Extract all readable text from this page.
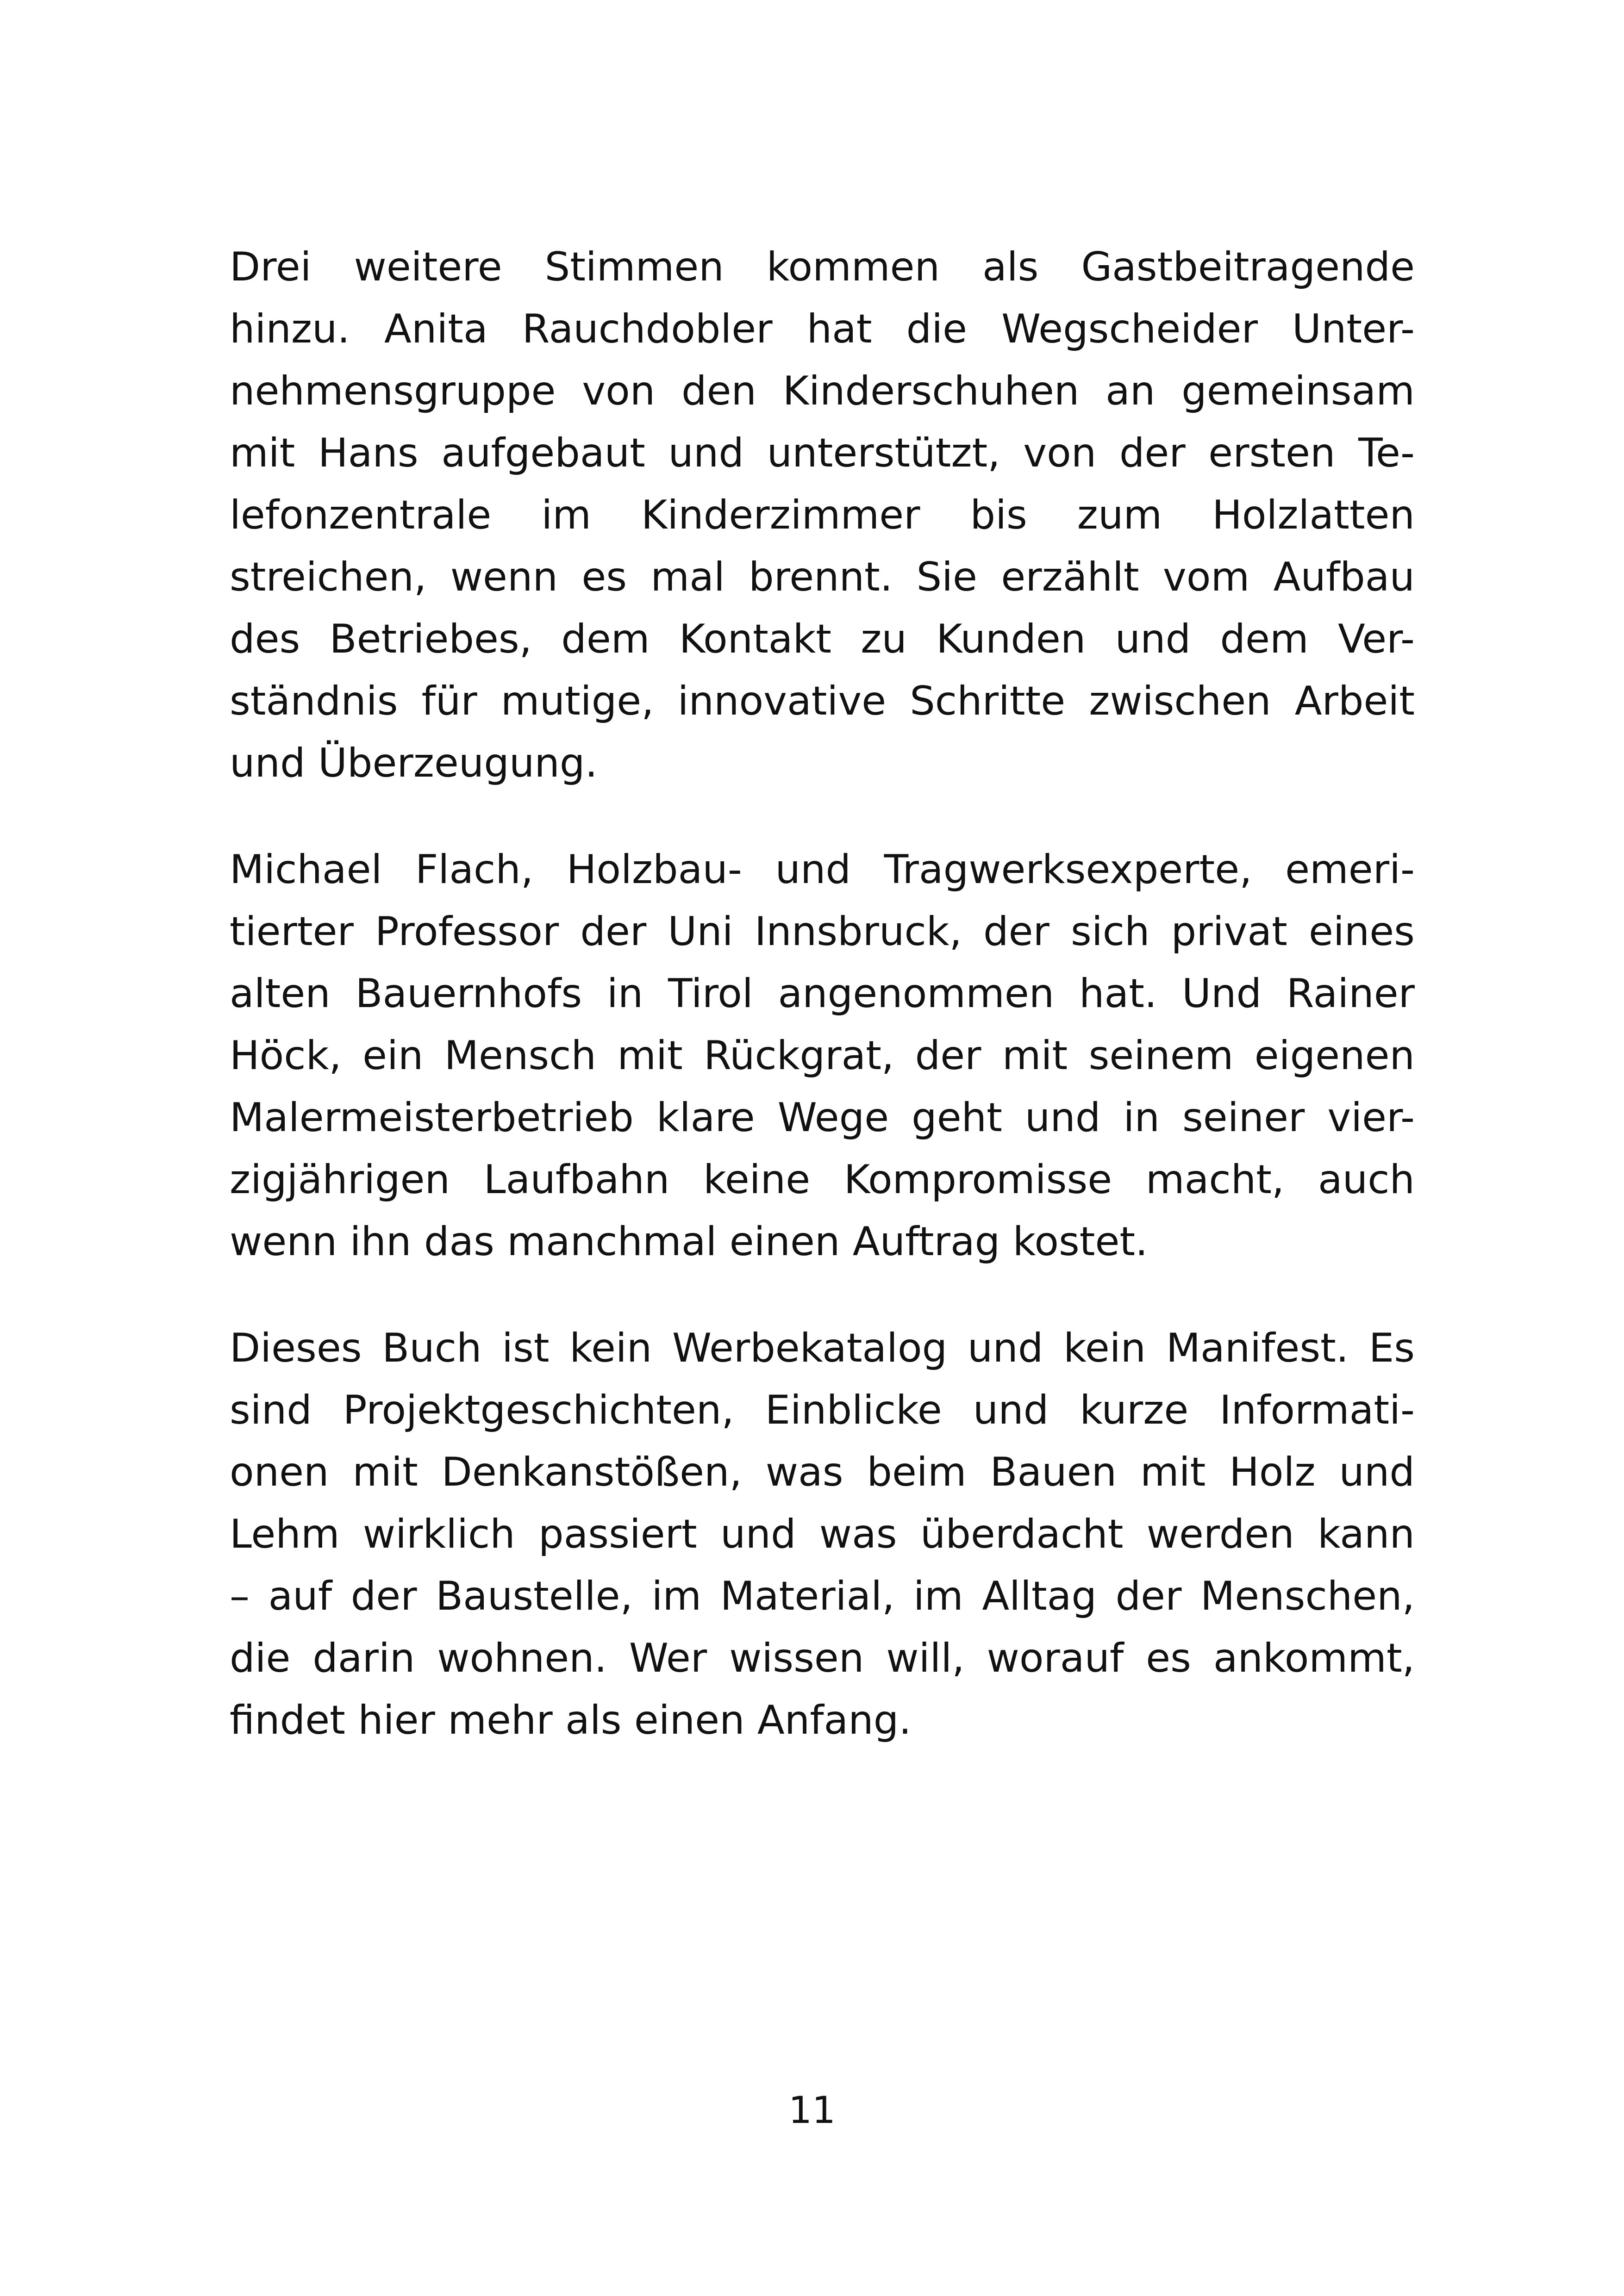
Drei weitere Stimmen kommen als Gastbeitragende
hinzu. Anita Rauchdobler hat die Wegscheider Unter-
nehmensgruppe von den Kinderschuhen an gemeinsam
mit Hans aufgebaut und unterstützt, von der ersten Te-
lefonzentrale im Kinderzimmer bis zum Holzlatten
streichen, wenn es mal brennt. Sie erzählt vom Aufbau
des Betriebes, dem Kontakt zu Kunden und dem Ver-
ständnis für mutige, innovative Schritte zwischen Arbeit
und Überzeugung.

Michael Flach, Holzbau- und Tragwerksexperte, emeri-
tierter Professor der Uni Innsbruck, der sich privat eines
alten Bauernhofs in Tirol angenommen hat. Und Rainer
Höck, ein Mensch mit Rückgrat, der mit seinem eigenen
Malermeisterbetrieb klare Wege geht und in seiner vier-
zigjährigen Laufbahn keine Kompromisse macht, auch
wenn ihn das manchmal einen Auftrag kostet.

Dieses Buch ist kein Werbekatalog und kein Manifest. Es
sind Projektgeschichten, Einblicke und kurze Informati-
onen mit Denkanstößen, was beim Bauen mit Holz und
Lehm wirklich passiert und was überdacht werden kann
– auf der Baustelle, im Material, im Alltag der Menschen,
die darin wohnen. Wer wissen will, worauf es ankommt,
findet hier mehr als einen Anfang.

11
